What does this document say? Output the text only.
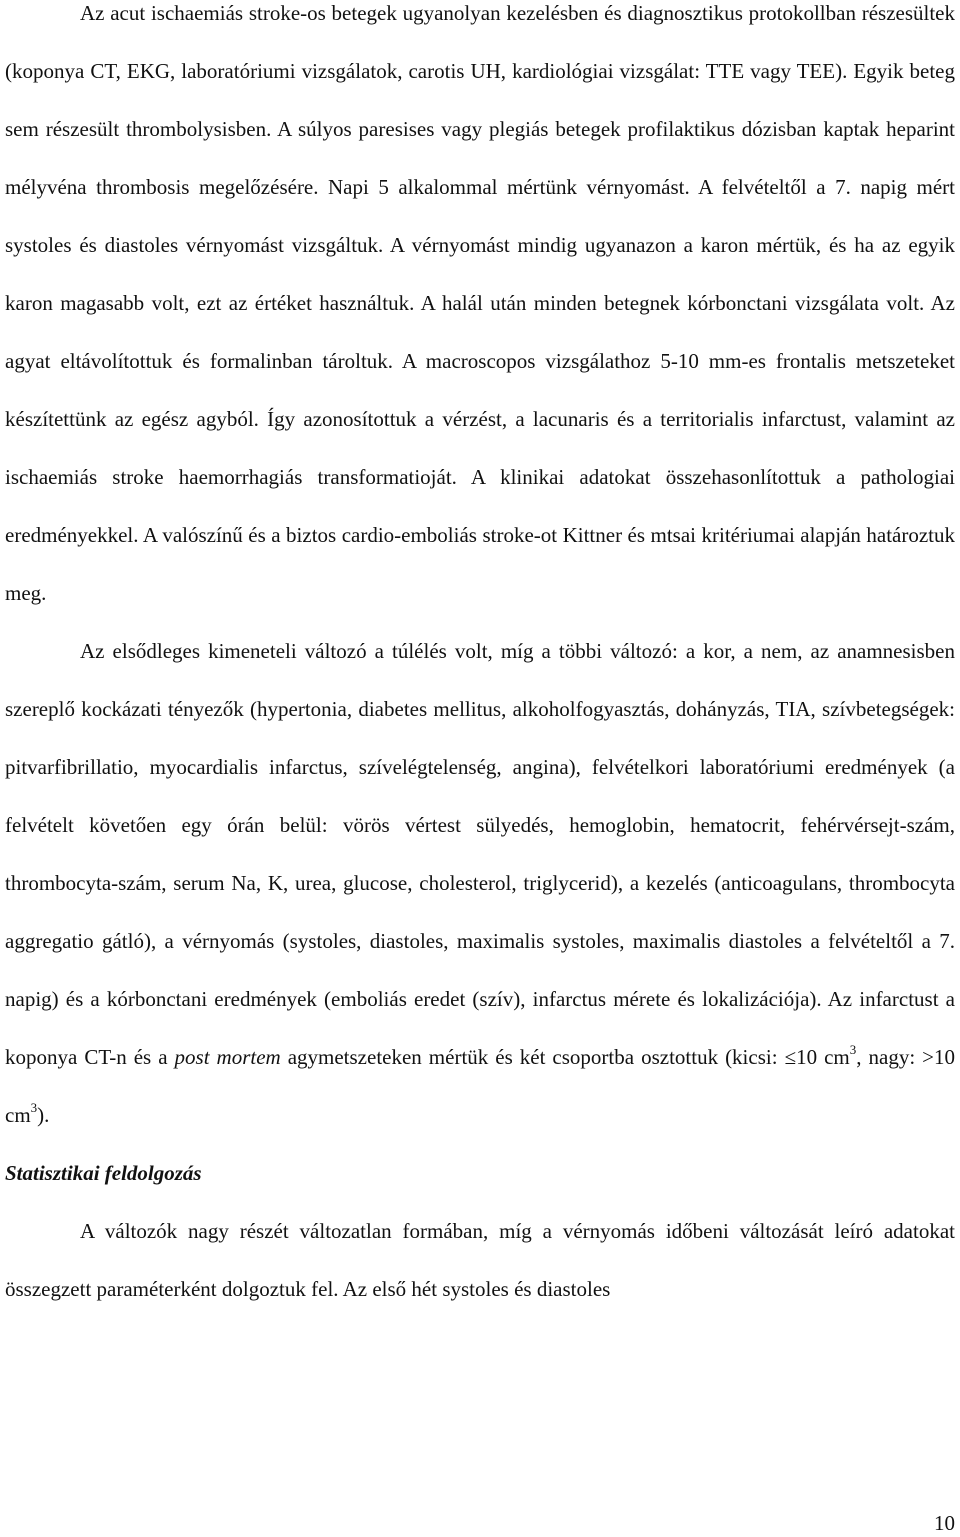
Az acut ischaemiás stroke-os betegek ugyanolyan kezelésben és diagnosztikus protokollban részesültek (koponya CT, EKG, laboratóriumi vizsgálatok, carotis UH, kardiológiai vizsgálat: TTE vagy TEE). Egyik beteg sem részesült thrombolysisben. A súlyos paresises vagy plegiás betegek profilaktikus dózisban kaptak heparint mélyvéna thrombosis megelőzésére. Napi 5 alkalommal mértünk vérnyomást. A felvételtől a 7. napig mért systoles és diastoles vérnyomást vizsgáltuk. A vérnyomást mindig ugyanazon a karon mértük, és ha az egyik karon magasabb volt, ezt az értéket használtuk. A halál után minden betegnek kórbonctani vizsgálata volt. Az agyat eltávolítottuk és formalinban tároltuk. A macroscopos vizsgálathoz 5-10 mm-es frontalis metszeteket készítettünk az egész agyból. Így azonosítottuk a vérzést, a lacunaris és a territorialis infarctust, valamint az ischaemiás stroke haemorrhagiás transformatioját. A klinikai adatokat összehasonlítottuk a pathologiai eredményekkel. A valószínű és a biztos cardio-emboliás stroke-ot Kittner és mtsai kritériumai alapján határoztuk meg.

Az elsődleges kimeneteli változó a túlélés volt, míg a többi változó: a kor, a nem, az anamnesisben szereplő kockázati tényezők (hypertonia, diabetes mellitus, alkoholfogyasztás, dohányzás, TIA, szívbetegségek: pitvarfibrillatio, myocardialis infarctus, szívelégtelenség, angina), felvételkori laboratóriumi eredmények (a felvételt követően egy órán belül: vörös vértest sülyedés, hemoglobin, hematocrit, fehérvérsejt-szám, thrombocyta-szám, serum Na, K, urea, glucose, cholesterol, triglycerid), a kezelés (anticoagulans, thrombocyta aggregatio gátló), a vérnyomás (systoles, diastoles, maximalis systoles, maximalis diastoles a felvételtől a 7. napig) és a kórbonctani eredmények (emboliás eredet (szív), infarctus mérete és lokalizációja). Az infarctust a koponya CT-n és a post mortem agymetszeteken mértük és két csoportba osztottuk (kicsi: ≤10 $cm^3$, nagy: >10 $cm^3$).

Statisztikai feldolgozás

A változók nagy részét változatlan formában, míg a vérnyomás időbeni változását leíró adatokat összegzett paraméterként dolgoztuk fel. Az első hét systoles és diastoles

10
